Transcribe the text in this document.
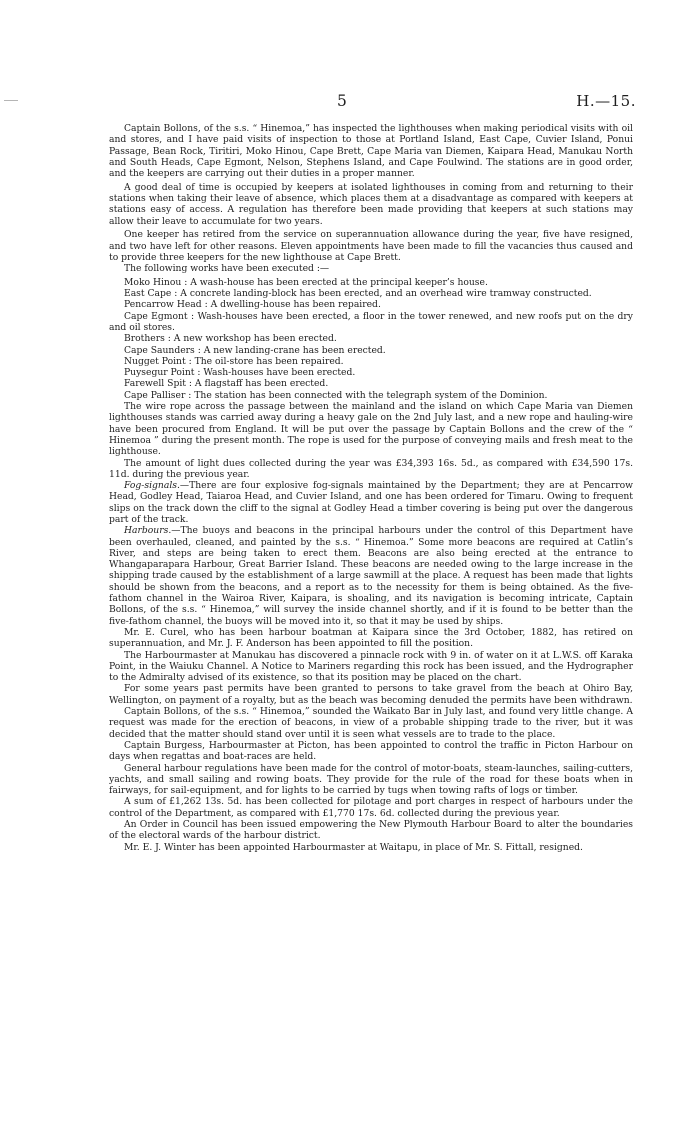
5	H.—15.

Captain Bollons, of the s.s. “ Hinemoa,” has inspected the lighthouses when making periodical visits with oil and stores, and I have paid visits of inspection to those at Portland Island, East Cape, Cuvier Island, Ponui Passage, Bean Rock, Tiritiri, Moko Hinou, Cape Brett, Cape Maria van Diemen, Kaipara Head, Manukau North and South Heads, Cape Egmont, Nelson, Stephens Island, and Cape Foulwind. The stations are in good order, and the keepers are carrying out their duties in a proper manner.

A good deal of time is occupied by keepers at isolated lighthouses in coming from and returning to their stations when taking their leave of absence, which places them at a disadvantage as compared with keepers at stations easy of access. A regulation has therefore been made providing that keepers at such stations may allow their leave to accumulate for two years.

One keeper has retired from the service on superannuation allowance during the year, five have resigned, and two have left for other reasons. Eleven appointments have been made to fill the vacancies thus caused and to provide three keepers for the new lighthouse at Cape Brett.

The following works have been executed :—

Moko Hinou : A wash-house has been erected at the principal keeper’s house.

East Cape : A concrete landing-block has been erected, and an overhead wire tramway constructed.

Pencarrow Head : A dwelling-house has been repaired.

Cape Egmont : Wash-houses have been erected, a floor in the tower renewed, and new roofs put on the dry and oil stores.

Brothers : A new workshop has been erected.

Cape Saunders : A new landing-crane has been erected.

Nugget Point : The oil-store has been repaired.

Puysegur Point : Wash-houses have been erected.

Farewell Spit : A flagstaff has been erected.

Cape Palliser : The station has been connected with the telegraph system of the Dominion.

The wire rope across the passage between the mainland and the island on which Cape Maria van Diemen lighthouses stands was carried away during a heavy gale on the 2nd July last, and a new rope and hauling-wire have been procured from England. It will be put over the passage by Captain Bollons and the crew of the “ Hinemoa ” during the present month. The rope is used for the purpose of conveying mails and fresh meat to the lighthouse.

The amount of light dues collected during the year was £34,393 16s. 5d., as compared with £34,590 17s. 11d. during the previous year.

Fog-signals.—There are four explosive fog-signals maintained by the Department; they are at Pencarrow Head, Godley Head, Taiaroa Head, and Cuvier Island, and one has been ordered for Timaru. Owing to frequent slips on the track down the cliff to the signal at Godley Head a timber covering is being put over the dangerous part of the track.

Harbours.—The buoys and beacons in the principal harbours under the control of this Department have been overhauled, cleaned, and painted by the s.s. “ Hinemoa.” Some more beacons are required at Catlin’s River, and steps are being taken to erect them. Beacons are also being erected at the entrance to Whangaparapara Harbour, Great Barrier Island. These beacons are needed owing to the large increase in the shipping trade caused by the establishment of a large sawmill at the place. A request has been made that lights should be shown from the beacons, and a report as to the necessity for them is being obtained. As the five-fathom channel in the Wairoa River, Kaipara, is shoaling, and its navigation is becoming intricate, Captain Bollons, of the s.s. “ Hinemoa,” will survey the inside channel shortly, and if it is found to be better than the five-fathom channel, the buoys will be moved into it, so that it may be used by ships.

Mr. E. Curel, who has been harbour boatman at Kaipara since the 3rd October, 1882, has retired on superannuation, and Mr. J. F. Anderson has been appointed to fill the position.

The Harbourmaster at Manukau has discovered a pinnacle rock with 9 in. of water on it at L.W.S. off Karaka Point, in the Waiuku Channel. A Notice to Mariners regarding this rock has been issued, and the Hydrographer to the Admiralty advised of its existence, so that its position may be placed on the chart.

For some years past permits have been granted to persons to take gravel from the beach at Ohiro Bay, Wellington, on payment of a royalty, but as the beach was becoming denuded the permits have been withdrawn.

Captain Bollons, of the s.s. “ Hinemoa,” sounded the Waikato Bar in July last, and found very little change. A request was made for the erection of beacons, in view of a probable shipping trade to the river, but it was decided that the matter should stand over until it is seen what vessels are to trade to the place.

Captain Burgess, Harbourmaster at Picton, has been appointed to control the traffic in Picton Harbour on days when regattas and boat-races are held.

General harbour regulations have been made for the control of motor-boats, steam-launches, sailing-cutters, yachts, and small sailing and rowing boats. They provide for the rule of the road for these boats when in fairways, for sail-equipment, and for lights to be carried by tugs when towing rafts of logs or timber.

A sum of £1,262 13s. 5d. has been collected for pilotage and port charges in respect of harbours under the control of the Department, as compared with £1,770 17s. 6d. collected during the previous year.

An Order in Council has been issued empowering the New Plymouth Harbour Board to alter the boundaries of the electoral wards of the harbour district.

Mr. E. J. Winter has been appointed Harbourmaster at Waitapu, in place of Mr. S. Fittall, resigned.
